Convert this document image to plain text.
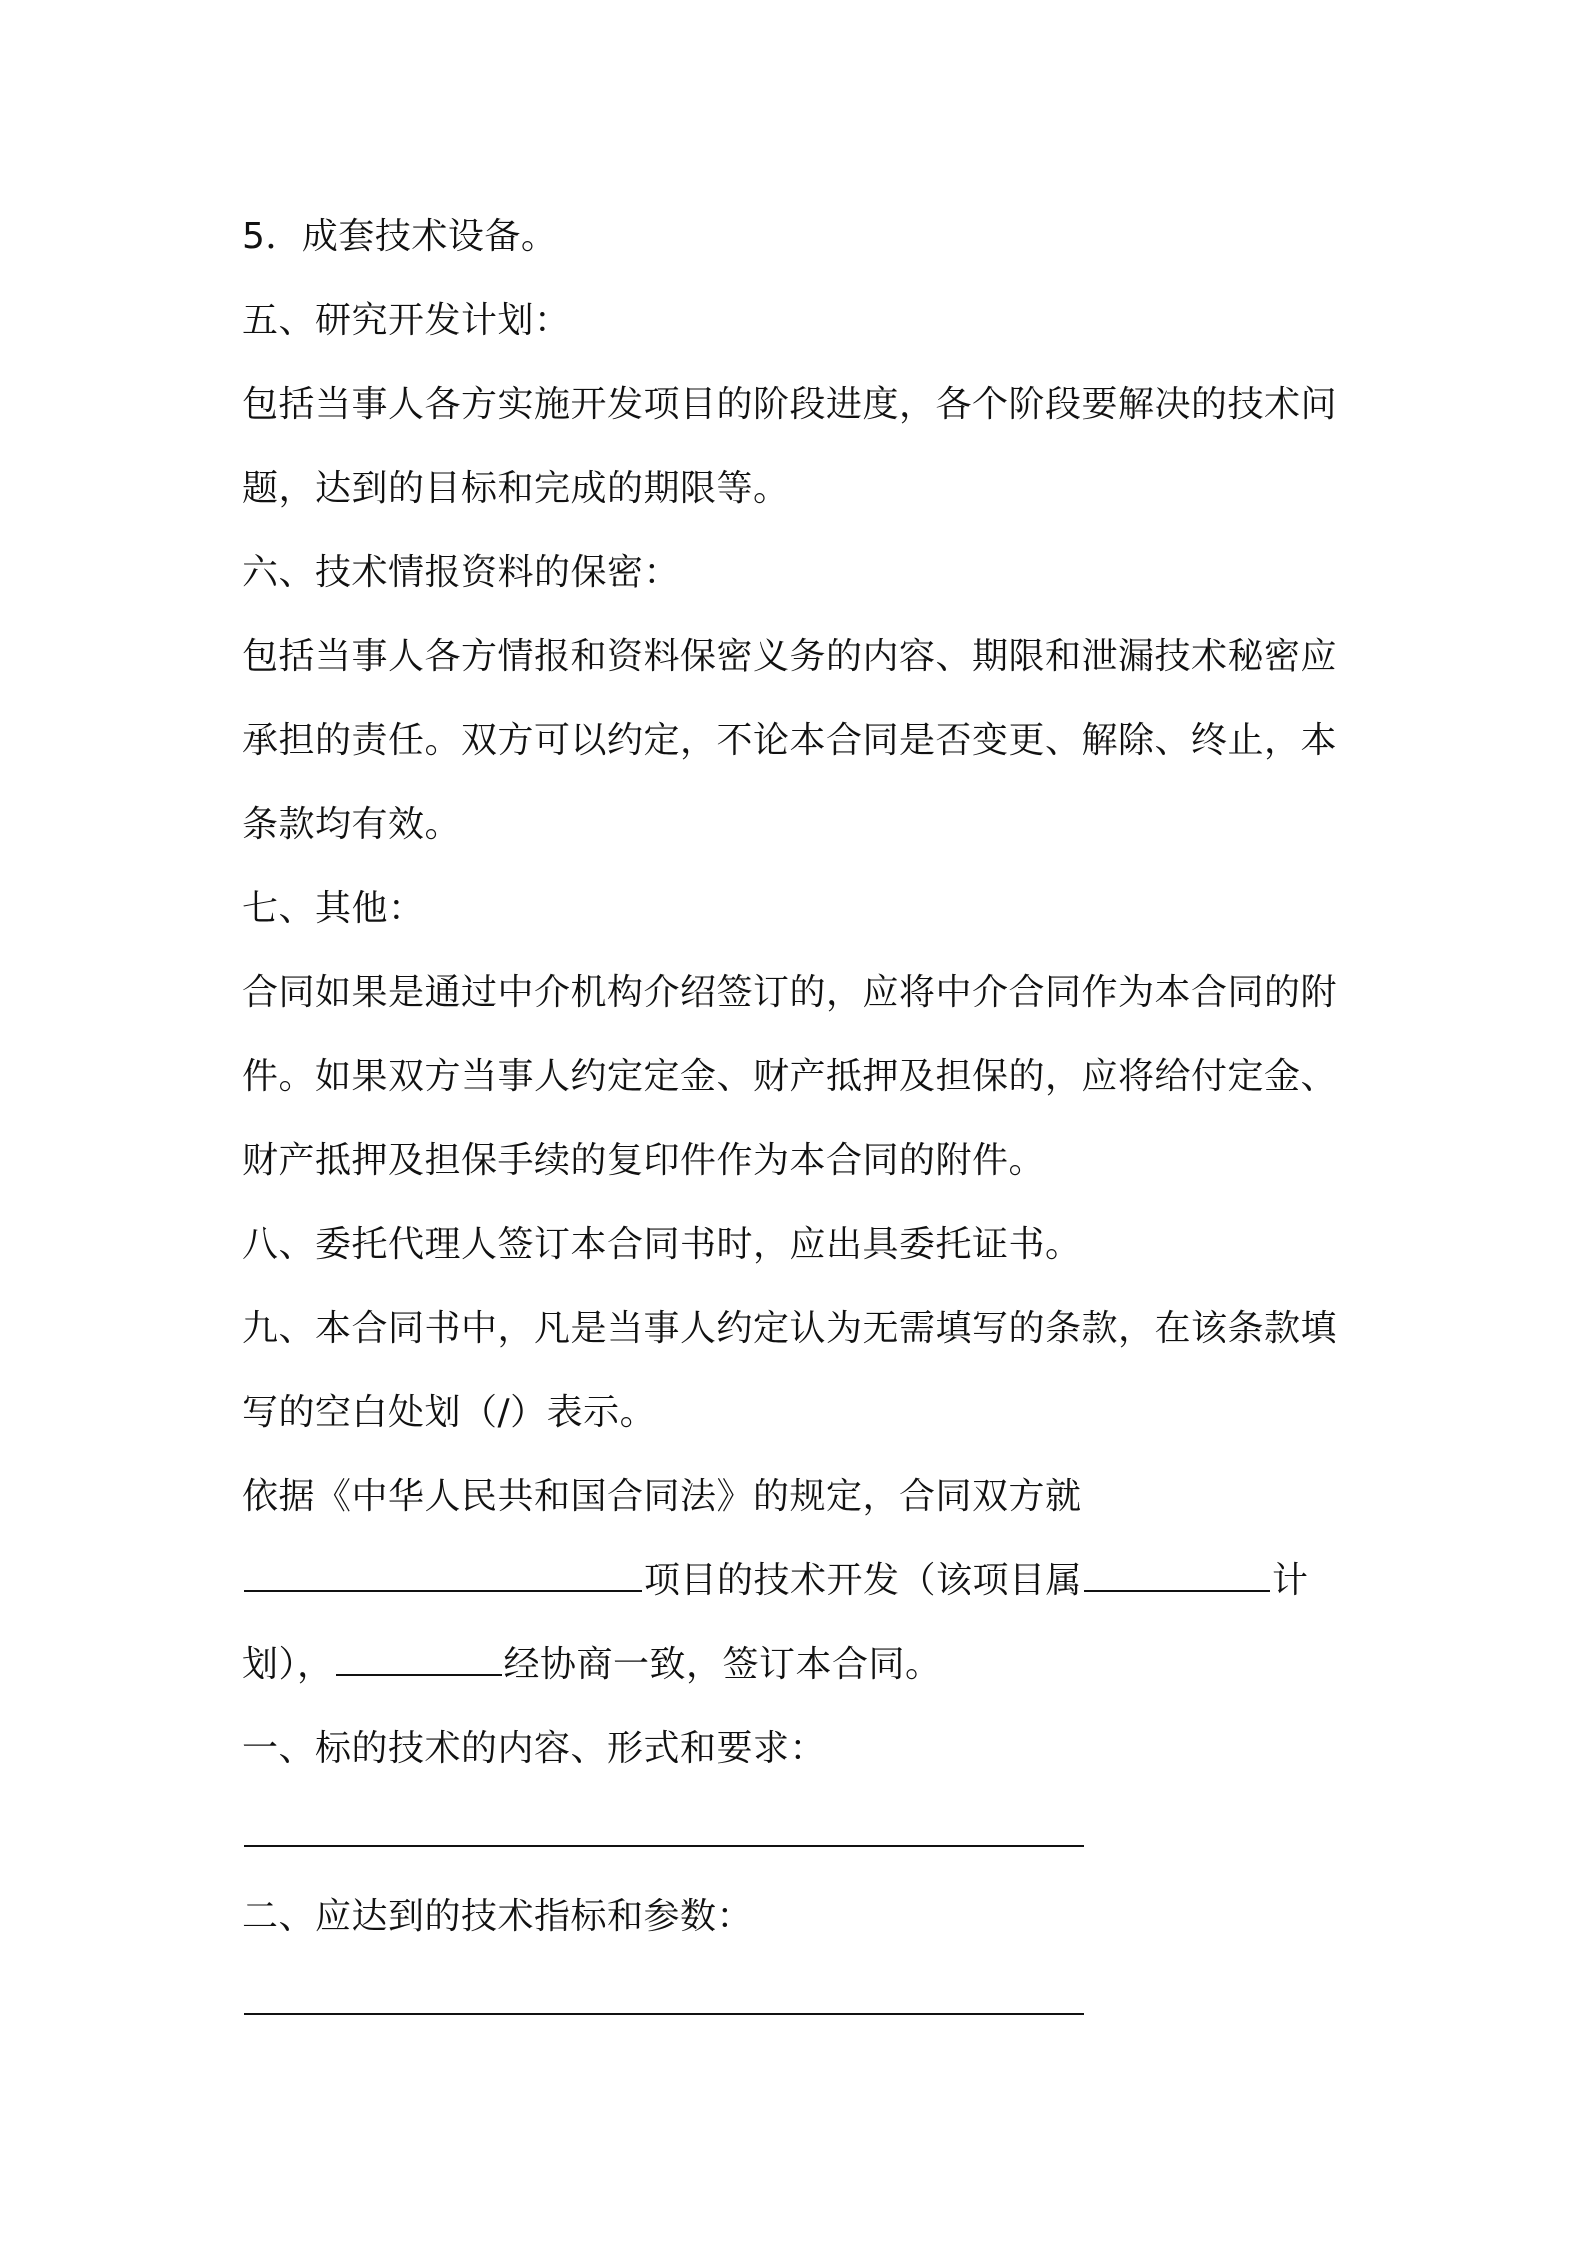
5．成套技术设备。
五、研究开发计划：
包括当事人各方实施开发项目的阶段进度，各个阶段要解决的技术问
题，达到的目标和完成的期限等。
六、技术情报资料的保密：
包括当事人各方情报和资料保密义务的内容、期限和泄漏技术秘密应
承担的责任。双方可以约定，不论本合同是否变更、解除、终止，本
条款均有效。
七、其他：
合同如果是通过中介机构介绍签订的，应将中介合同作为本合同的附
件。如果双方当事人约定定金、财产抵押及担保的，应将给付定金、
财产抵押及担保手续的复印件作为本合同的附件。
八、委托代理人签订本合同书时，应出具委托证书。
九、本合同书中，凡是当事人约定认为无需填写的条款，在该条款填
写的空白处划（/）表示。
依据《中华人民共和国合同法》的规定，合同双方就
项目的技术开发（该项目属	计
划），	经协商一致，签订本合同。
一、标的技术的内容、形式和要求：
二、应达到的技术指标和参数：
